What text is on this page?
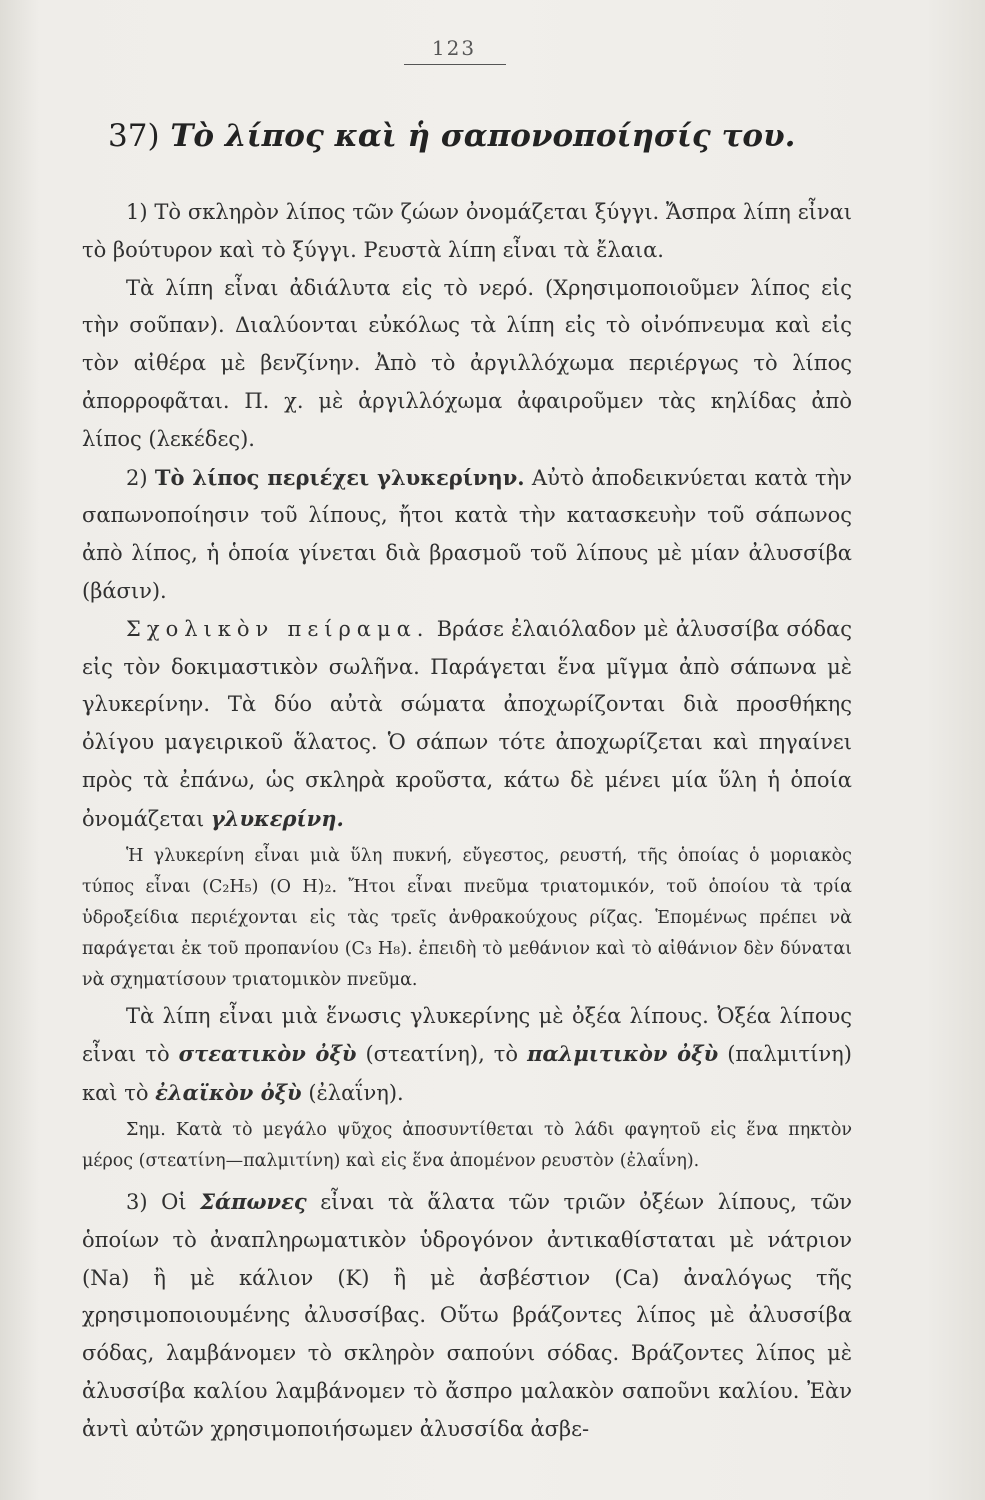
123
37) Τὸ λίπος καὶ ἡ σαπονοποίησίς του.

1) Τὸ σκληρὸν λίπος τῶν ζώων ὀνομάζεται ξύγγι. Ἄσπρα λίπη εἶναι τὸ βούτυρον καὶ τὸ ξύγγι. Ρευστὰ λίπη εἶναι τὰ ἔλαια.

Τὰ λίπη εἶναι ἀδιάλυτα εἰς τὸ νερό. (Χρησιμοποιοῦμεν λίπος εἰς τὴν σοῦπαν). Διαλύονται εὐκόλως τὰ λίπη εἰς τὸ οἰνόπνευμα καὶ εἰς τὸν αἰθέρα μὲ βενζίνην. Ἀπὸ τὸ ἀργιλλόχωμα περιέργως τὸ λίπος ἀπορροφᾶται. Π. χ. μὲ ἀργιλλόχωμα ἀφαιροῦμεν τὰς κηλίδας ἀπὸ λίπος (λεκέδες).

2) Τὸ λίπος περιέχει γλυκερίνην. Αὐτὸ ἀποδεικνύεται κατὰ τὴν σαπωνοποίησιν τοῦ λίπους, ἤτοι κατὰ τὴν κατασκευὴν τοῦ σάπωνος ἀπὸ λίπος, ἡ ὁποία γίνεται διὰ βρασμοῦ τοῦ λίπους μὲ μίαν ἀλυσσίβα (βάσιν).

Σχολικὸν πείραμα. Βράσε ἐλαιόλαδον μὲ ἀλυσσίβα σόδας εἰς τὸν δοκιμαστικὸν σωλῆνα. Παράγεται ἕνα μῖγμα ἀπὸ σάπωνα μὲ γλυκερίνην. Τὰ δύο αὐτὰ σώματα ἀποχωρίζονται διὰ προσθήκης ὀλίγου μαγειρικοῦ ἅλατος. Ὁ σάπων τότε ἀποχωρίζεται καὶ πηγαίνει πρὸς τὰ ἐπάνω, ὡς σκληρὰ κροῦστα, κάτω δὲ μένει μία ὕλη ἡ ὁποία ὀνομάζεται γλυκερίνη.

Ἡ γλυκερίνη εἶναι μιὰ ὕλη πυκνή, εὔγεστος, ρευστή, τῆς ὁποίας ὁ μοριακὸς τύπος εἶναι (C₂H₅) (O H)₂. Ἤτοι εἶναι πνεῦμα τριατομικόν, τοῦ ὁποίου τὰ τρία ὑδροξείδια περιέχονται εἰς τὰς τρεῖς ἀνθρακούχους ρίζας. Ἑπομένως πρέπει νὰ παράγεται ἐκ τοῦ προπανίου (C₃ H₈). ἐπειδὴ τὸ μεθάνιον καὶ τὸ αἰθάνιον δὲν δύναται νὰ σχηματίσουν τριατομικὸν πνεῦμα.

Τὰ λίπη εἶναι μιὰ ἕνωσις γλυκερίνης μὲ ὀξέα λίπους. Ὀξέα λίπους εἶναι τὸ στεατικὸν ὀξὺ (στεατίνη), τὸ παλμιτικὸν ὀξὺ (παλμιτίνη) καὶ τὸ ἐλαϊκὸν ὀξὺ (ἐλαΐνη).

Σημ. Κατὰ τὸ μεγάλο ψῦχος ἀποσυντίθεται τὸ λάδι φαγητοῦ εἰς ἕνα πηκτὸν μέρος (στεατίνη—παλμιτίνη) καὶ εἰς ἕνα ἀπομένον ρευστὸν (ἐλαΐνη).

3) Οἱ Σάπωνες εἶναι τὰ ἅλατα τῶν τριῶν ὀξέων λίπους, τῶν ὁποίων τὸ ἀναπληρωματικὸν ὑδρογόνον ἀντικαθίσταται μὲ νάτριον (Na) ἢ μὲ κάλιον (K) ἢ μὲ ἀσβέστιον (Ca) ἀναλόγως τῆς χρησιμοποιουμένης ἀλυσσίβας. Οὕτω βράζοντες λίπος μὲ ἀλυσσίβα σόδας, λαμβάνομεν τὸ σκληρὸν σαπούνι σόδας. Βράζοντες λίπος μὲ ἀλυσσίβα καλίου λαμβάνομεν τὸ ἄσπρο μαλακὸν σαποῦνι καλίου. Ἐὰν ἀντὶ αὐτῶν χρησιμοποιήσωμεν ἀλυσσίδα ἀσβε-
